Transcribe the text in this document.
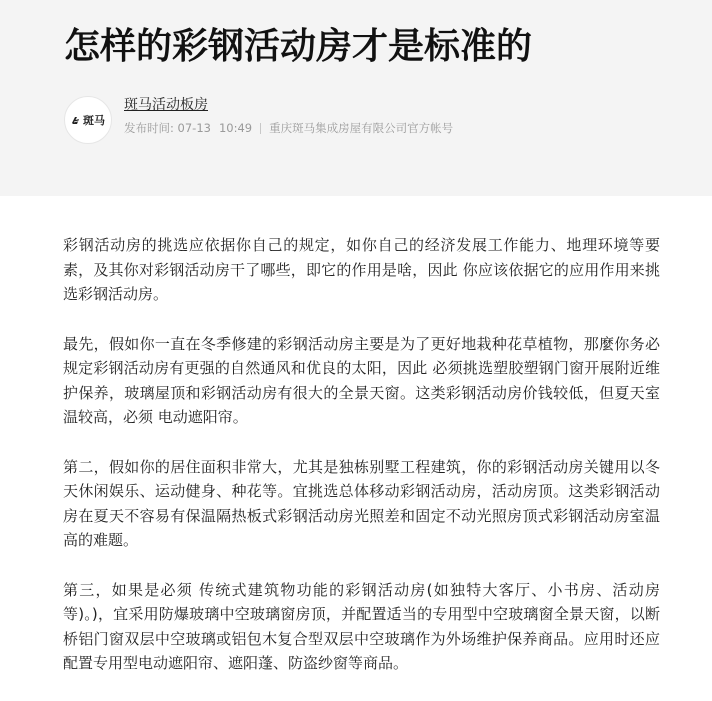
怎样的彩钢活动房才是标准的
斑马
斑马活动板房
发布时间: 07-13 10:49 重庆斑马集成房屋有限公司官方帐号

彩钢活动房的挑选应依据你自己的规定，如你自己的经济发展工作能力、地理环境等要素，及其你对彩钢活动房干了哪些，即它的作用是啥，因此 你应该依据它的应用作用来挑选彩钢活动房。

最先，假如你一直在冬季修建的彩钢活动房主要是为了更好地栽种花草植物，那麼你务必规定彩钢活动房有更强的自然通风和优良的太阳，因此 必须挑选塑胶塑钢门窗开展附近维护保养，玻璃屋顶和彩钢活动房有很大的全景天窗。这类彩钢活动房价钱较低，但夏天室温较高，必须 电动遮阳帘。

第二，假如你的居住面积非常大，尤其是独栋别墅工程建筑，你的彩钢活动房关键用以冬天休闲娱乐、运动健身、种花等。宜挑选总体移动彩钢活动房，活动房顶。这类彩钢活动房在夏天不容易有保温隔热板式彩钢活动房光照差和固定不动光照房顶式彩钢活动房室温高的难题。

第三，如果是必须 传统式建筑物功能的彩钢活动房(如独特大客厅、小书房、活动房等)。)，宜采用防爆玻璃中空玻璃窗房顶，并配置适当的专用型中空玻璃窗全景天窗，以断桥铝门窗双层中空玻璃或铝包木复合型双层中空玻璃作为外场维护保养商品。应用时还应配置专用型电动遮阳帘、遮阳蓬、防盗纱窗等商品。
